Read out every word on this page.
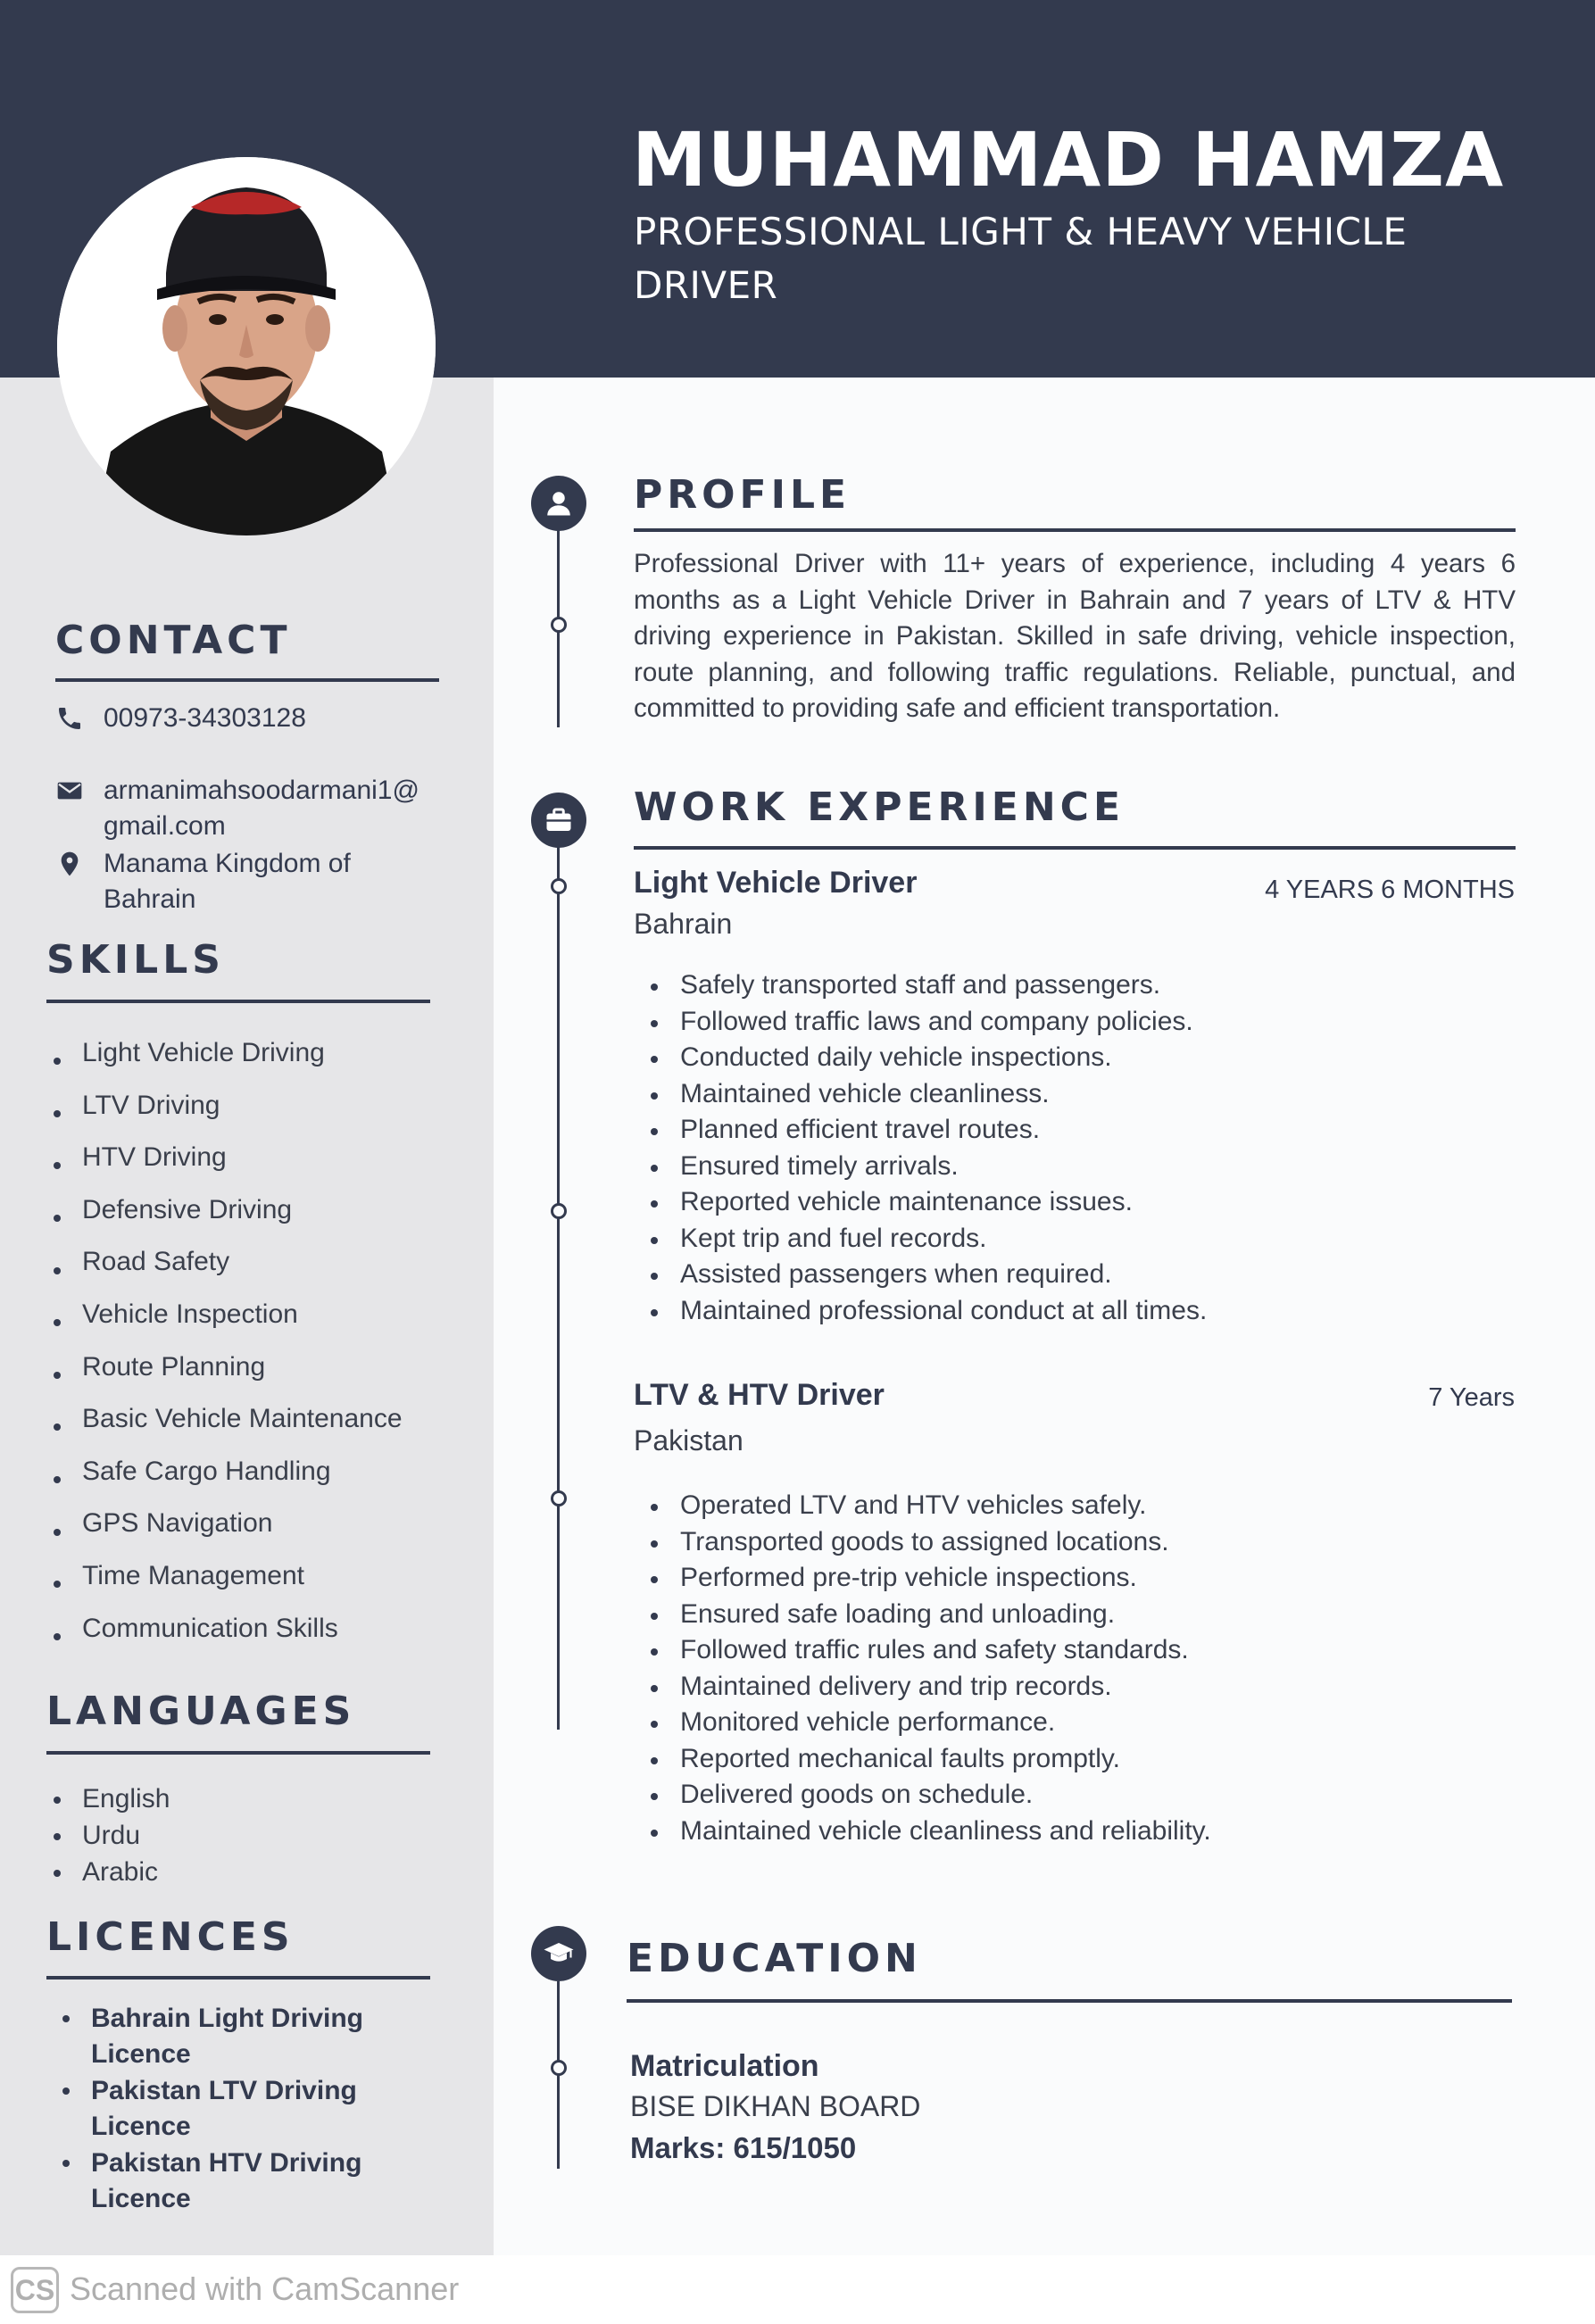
MUHAMMAD HAMZA
PROFESSIONAL LIGHT & HEAVY VEHICLE DRIVER
CONTACT
00973-34303128
armanimahsoodarmani1@ gmail.com
Manama Kingdom of Bahrain
SKILLS
Light Vehicle Driving
LTV Driving
HTV Driving
Defensive Driving
Road Safety
Vehicle Inspection
Route Planning
Basic Vehicle Maintenance
Safe Cargo Handling
GPS Navigation
Time Management
Communication Skills
LANGUAGES
English
Urdu
Arabic
LICENCES
Bahrain Light Driving Licence
Pakistan LTV Driving Licence
Pakistan HTV Driving Licence
PROFILE
Professional Driver with 11+ years of experience, including 4 years 6 months as a Light Vehicle Driver in Bahrain and 7 years of LTV & HTV driving experience in Pakistan. Skilled in safe driving, vehicle inspection, route planning, and following traffic regulations. Reliable, punctual, and committed to providing safe and efficient transportation.
WORK EXPERIENCE
Light Vehicle Driver	4 YEARS 6 MONTHS
Bahrain
Safely transported staff and passengers.
Followed traffic laws and company policies.
Conducted daily vehicle inspections.
Maintained vehicle cleanliness.
Planned efficient travel routes.
Ensured timely arrivals.
Reported vehicle maintenance issues.
Kept trip and fuel records.
Assisted passengers when required.
Maintained professional conduct at all times.
LTV & HTV Driver	7 Years
Pakistan
Operated LTV and HTV vehicles safely.
Transported goods to assigned locations.
Performed pre-trip vehicle inspections.
Ensured safe loading and unloading.
Followed traffic rules and safety standards.
Maintained delivery and trip records.
Monitored vehicle performance.
Reported mechanical faults promptly.
Delivered goods on schedule.
Maintained vehicle cleanliness and reliability.
EDUCATION
Matriculation
BISE DIKHAN BOARD
Marks: 615/1050
CS Scanned with CamScanner
